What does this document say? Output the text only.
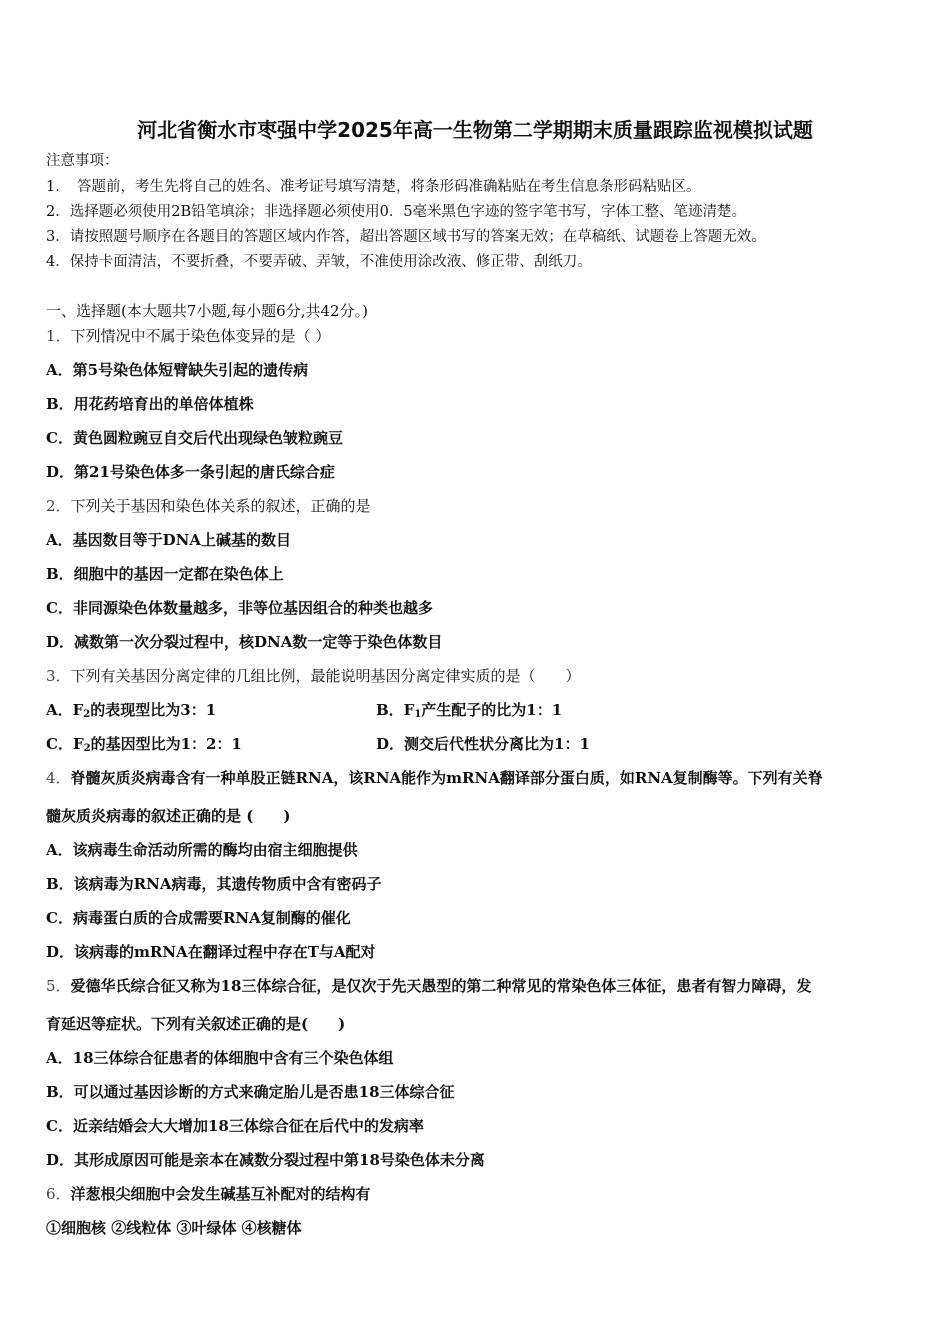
河北省衡水市枣强中学2025年高一生物第二学期期末质量跟踪监视模拟试题
注意事项：
1．　答题前，考生先将自己的姓名、准考证号填写清楚，将条形码准确粘贴在考生信息条形码粘贴区。
2．选择题必须使用2B铅笔填涂；非选择题必须使用0．5毫米黑色字迹的签字笔书写，字体工整、笔迹清楚。
3．请按照题号顺序在各题目的答题区域内作答，超出答题区域书写的答案无效；在草稿纸、试题卷上答题无效。
4．保持卡面清洁，不要折叠，不要弄破、弄皱，不准使用涂改液、修正带、刮纸刀。
一、选择题(本大题共7小题,每小题6分,共42分。)
1．下列情况中不属于染色体变异的是（ ）
A．第5号染色体短臂缺失引起的遗传病
B．用花药培育出的单倍体植株
C．黄色圆粒豌豆自交后代出现绿色皱粒豌豆
D．第21号染色体多一条引起的唐氏综合症
2．下列关于基因和染色体关系的叙述，正确的是
A．基因数目等于DNA上碱基的数目
B．细胞中的基因一定都在染色体上
C．非同源染色体数量越多，非等位基因组合的种类也越多
D．减数第一次分裂过程中，核DNA数一定等于染色体数目
3．下列有关基因分离定律的几组比例，最能说明基因分离定律实质的是（　　）
A．$F_2$的表现型比为3：1	B．$F_1$产生配子的比为1：1
C．$F_2$的基因型比为1：2：1	D．测交后代性状分离比为1：1
4．脊髓灰质炎病毒含有一种单股正链RNA，该RNA能作为mRNA翻译部分蛋白质，如RNA复制酶等。下列有关脊
髓灰质炎病毒的叙述正确的是 (　　)
A．该病毒生命活动所需的酶均由宿主细胞提供
B．该病毒为RNA病毒，其遗传物质中含有密码子
C．病毒蛋白质的合成需要RNA复制酶的催化
D．该病毒的mRNA在翻译过程中存在T与A配对
5．爱德华氏综合征又称为18三体综合征，是仅次于先天愚型的第二种常见的常染色体三体征，患者有智力障碍，发
育延迟等症状。下列有关叙述正确的是(　　)
A．18三体综合征患者的体细胞中含有三个染色体组
B．可以通过基因诊断的方式来确定胎儿是否患18三体综合征
C．近亲结婚会大大增加18三体综合征在后代中的发病率
D．其形成原因可能是亲本在减数分裂过程中第18号染色体未分离
6．洋葱根尖细胞中会发生碱基互补配对的结构有
①细胞核 ②线粒体 ③叶绿体 ④核糖体
